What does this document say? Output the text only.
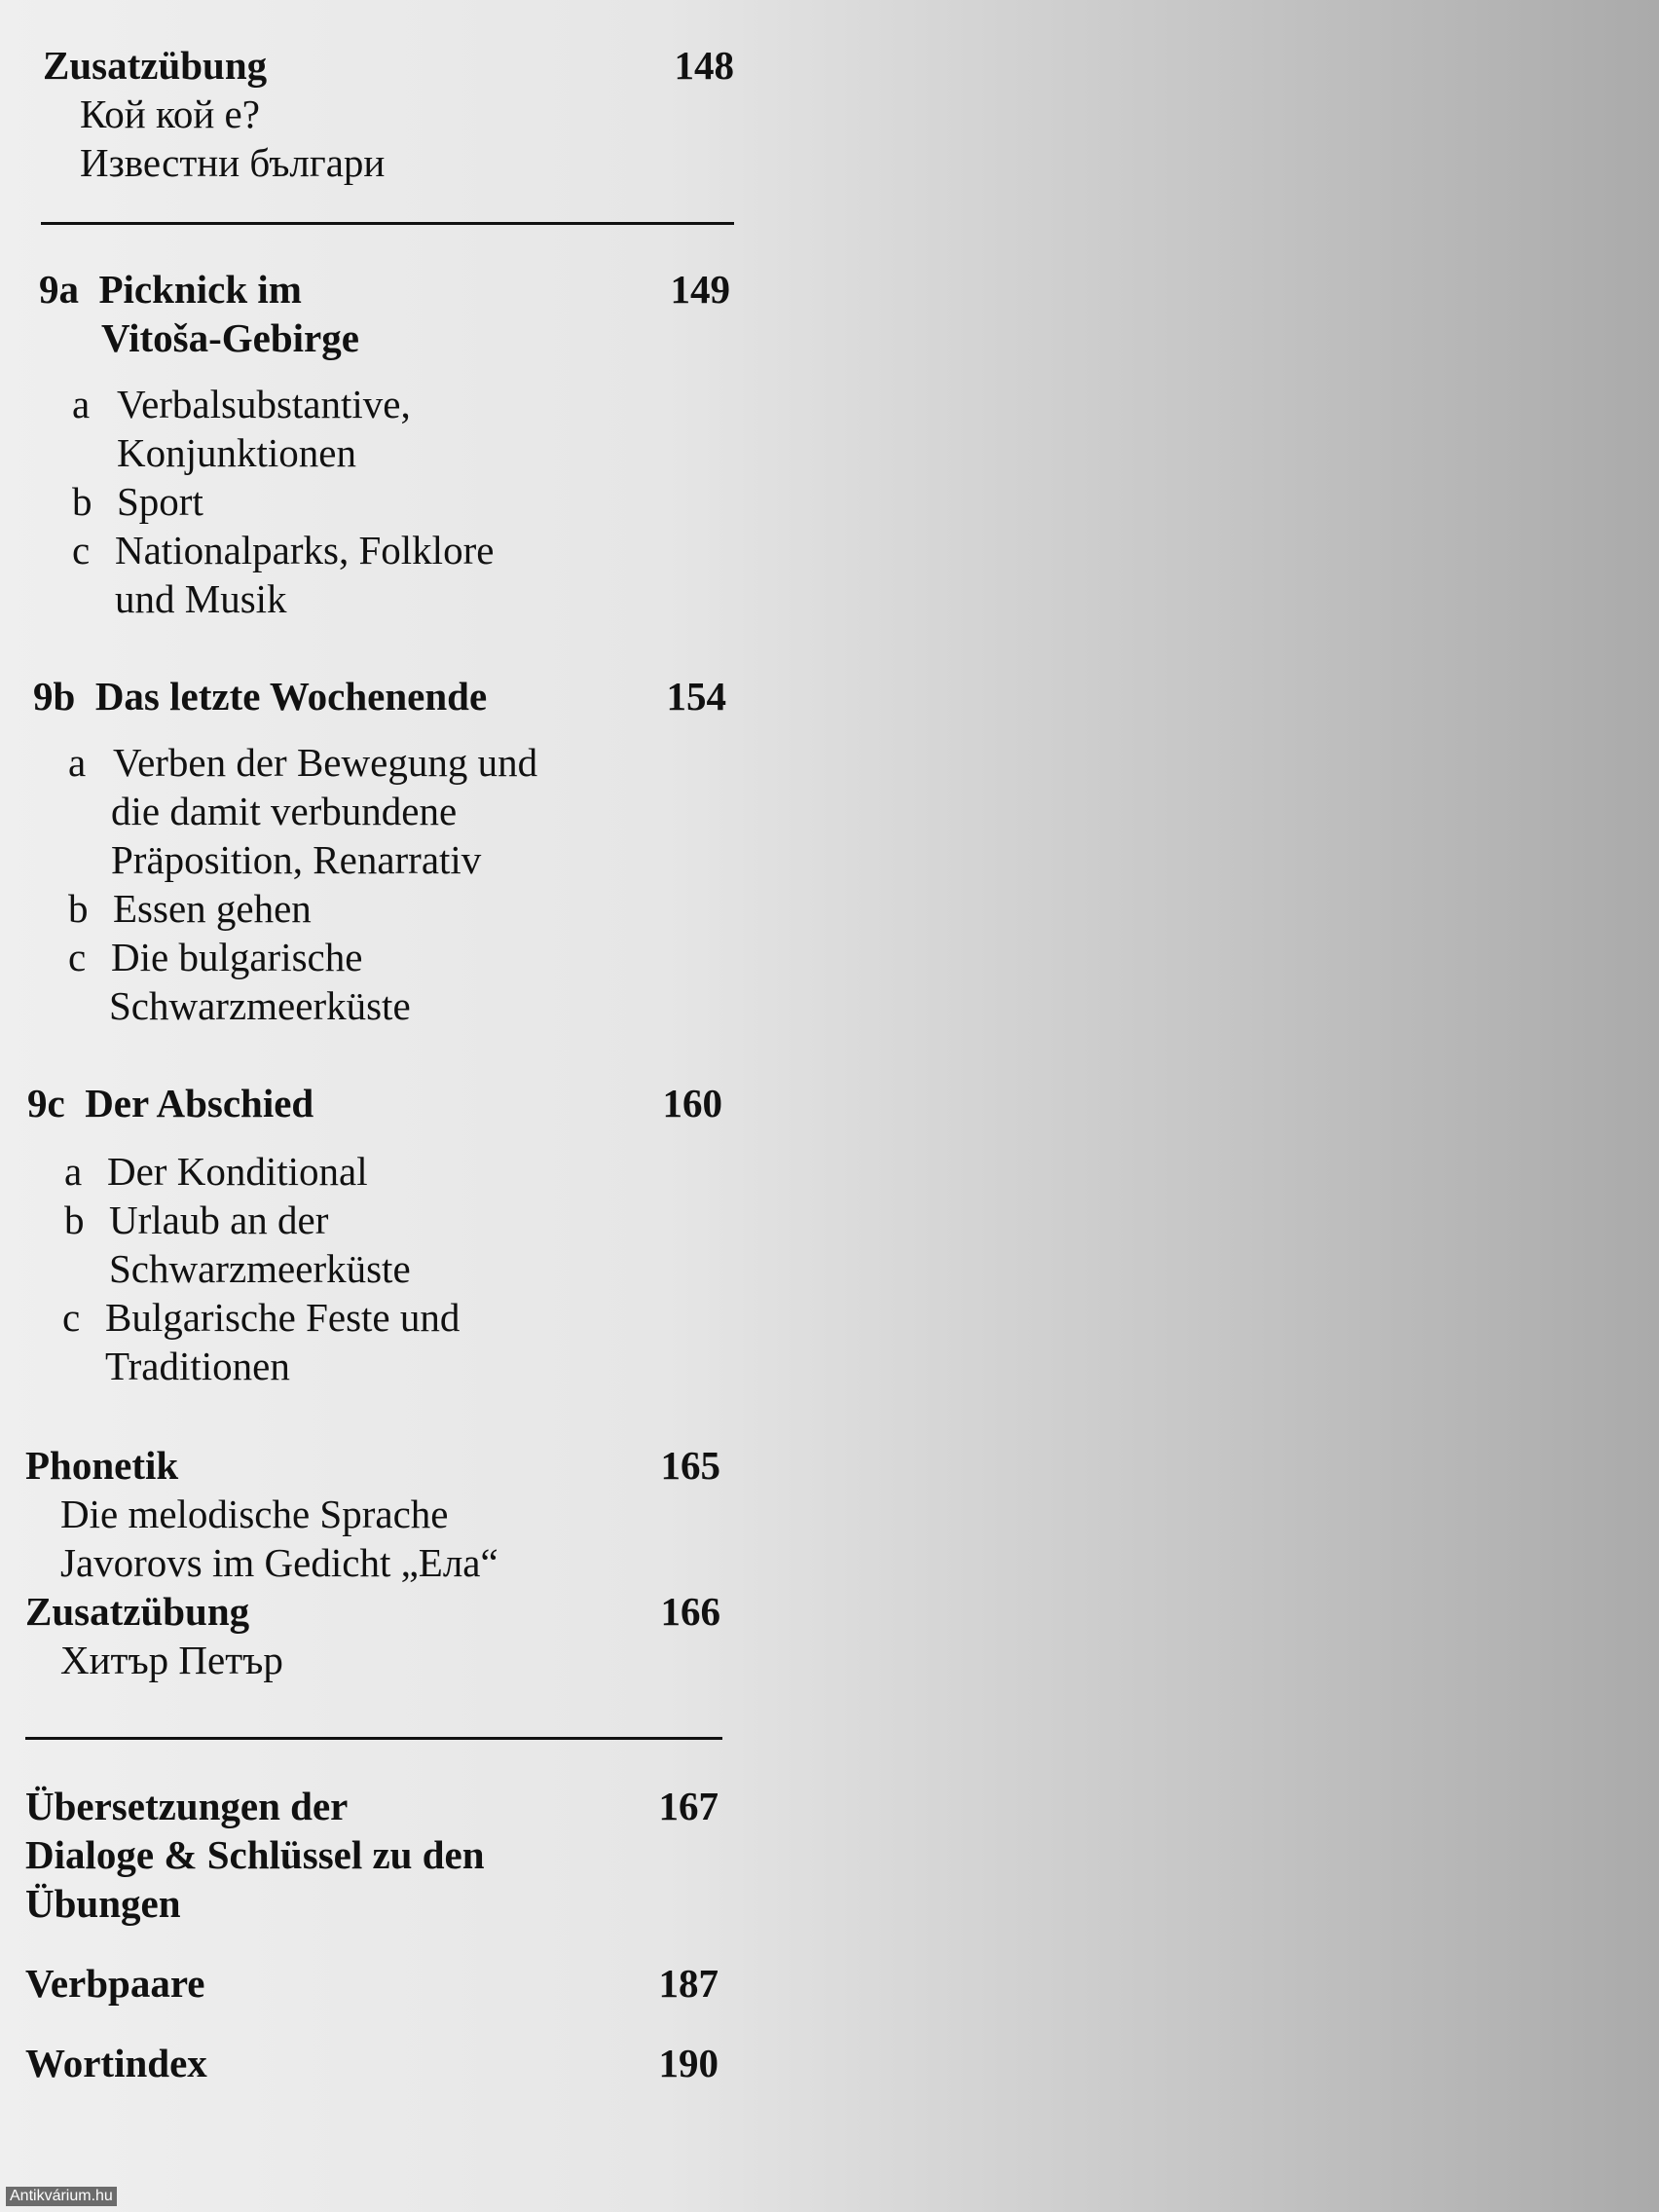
Zusatzübung	148
Кой кой е?
Известни българи
9a Picknick im	149
Vitoša-Gebirge
a Verbalsubstantive,
Konjunktionen
b Sport
c Nationalparks, Folklore
und Musik
9b Das letzte Wochenende	154
a Verben der Bewegung und
die damit verbundene
Präposition, Renarrativ
b Essen gehen
c Die bulgarische
Schwarzmeerküste
9c Der Abschied	160
a Der Konditional
b Urlaub an der
Schwarzmeerküste
c Bulgarische Feste und
Traditionen
Phonetik	165
Die melodische Sprache
Javorovs im Gedicht „Ела“
Zusatzübung	166
Хитър Петър
Übersetzungen der	167
Dialoge & Schlüssel zu den
Übungen
Verbpaare	187
Wortindex	190
Antikvárium.hu
